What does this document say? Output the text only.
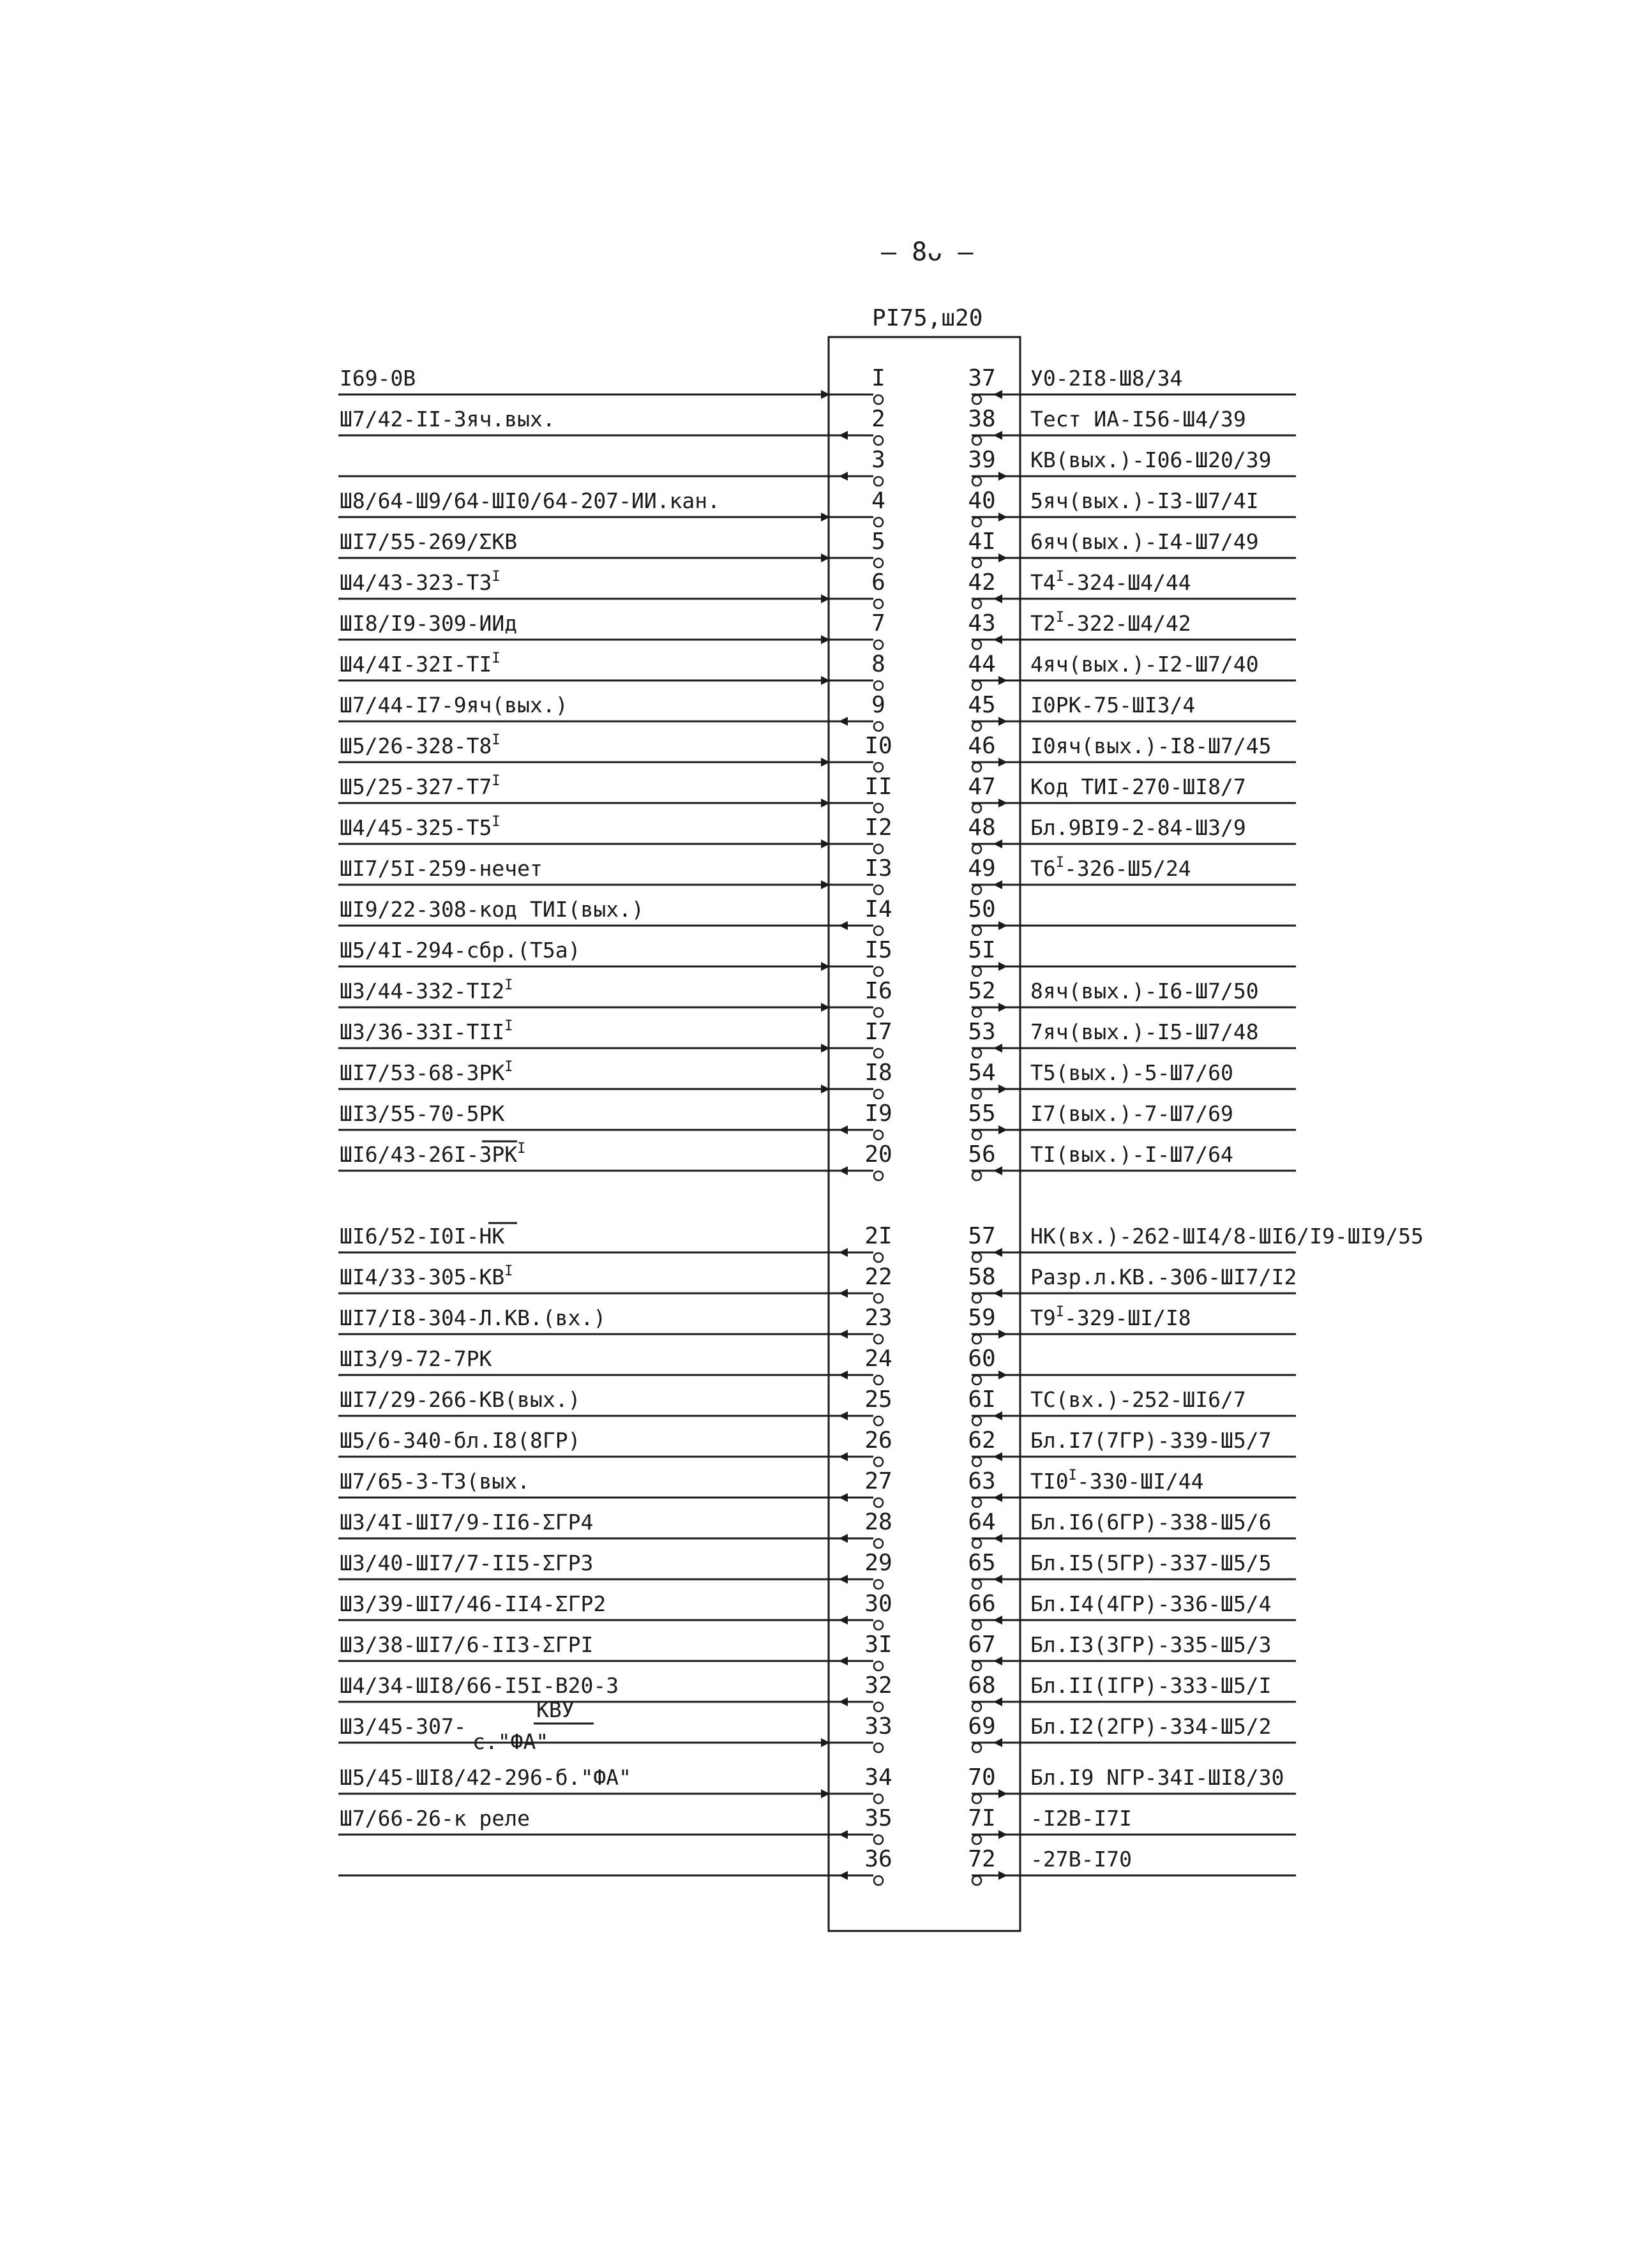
– 8ᴗ –
PI75,ш20
I
I69-0В
2
Ш7/42-II-3яч.вых.
3
4
Ш8/64-Ш9/64-ШI0/64-207-ИИ.кан.
5
ШI7/55-269/ΣКВ
6
$Ш4/43-323-Т3^I$
7
ШI8/I9-309-ИИд
8
$Ш4/4I-32I-ТI^I$
9
Ш7/44-I7-9яч(вых.)
I0
$Ш5/26-328-Т8^I$
II
$Ш5/25-327-Т7^I$
I2
$Ш4/45-325-Т5^I$
I3
ШI7/5I-259-нечет
I4
ШI9/22-308-код ТИI(вых.)
I5
Ш5/4I-294-сбр.(Т5а)
I6
$Ш3/44-332-ТI2^I$
I7
$Ш3/36-33I-ТII^I$
I8
$ШI7/53-68-3РК^I$
I9
ШI3/55-70-5РК
20
$ШI6/43-26I-3РК^I$
2I
ШI6/52-I0I-НК
22
$ШI4/33-305-КВ^I$
23
ШI7/I8-304-Л.КВ.(вх.)
24
ШI3/9-72-7РК
25
ШI7/29-266-КВ(вых.)
26
Ш5/6-340-бл.I8(8ГР)
27
Ш7/65-3-Т3(вых.
28
Ш3/4I-ШI7/9-II6-ΣГР4
29
Ш3/40-ШI7/7-II5-ΣГР3
30
Ш3/39-ШI7/46-II4-ΣГР2
3I
Ш3/38-ШI7/6-II3-ΣГРI
32
Ш4/34-ШI8/66-I5I-В20-3
33
Ш3/45-307-
КВУ
с."ФА"
34
Ш5/45-ШI8/42-296-б."ФА"
35
Ш7/66-26-к реле
36
37 У0-2I8-Ш8/34
38 Тест ИА-I56-Ш4/39
39 КВ(вых.)-I06-Ш20/39
40 5яч(вых.)-I3-Ш7/4I
4I 6яч(вых.)-I4-Ш7/49
42 $Т4^I-324-Ш4/44$
43 $Т2^I-322-Ш4/42$
44 4яч(вых.)-I2-Ш7/40
45 I0РК-75-ШI3/4
46 I0яч(вых.)-I8-Ш7/45
47 Код ТИI-270-ШI8/7
48 Бл.9BI9-2-84-Ш3/9
49 $Т6^I-326-Ш5/24$
50
5I
52 8яч(вых.)-I6-Ш7/50
53 7яч(вых.)-I5-Ш7/48
54 Т5(вых.)-5-Ш7/60
55 I7(вых.)-7-Ш7/69
56 ТI(вых.)-I-Ш7/64
57 НК(вх.)-262-ШI4/8-ШI6/I9-ШI9/55
58 Разр.л.КВ.-306-ШI7/I2
59 $Т9^I-329-ШI/I8$
60
6I ТС(вх.)-252-ШI6/7
62 Бл.I7(7ГР)-339-Ш5/7
63 $ТI0^I-330-ШI/44$
64 Бл.I6(6ГР)-338-Ш5/6
65 Бл.I5(5ГР)-337-Ш5/5
66 Бл.I4(4ГР)-336-Ш5/4
67 Бл.I3(3ГР)-335-Ш5/3
68 Бл.II(IГР)-333-Ш5/I
69 Бл.I2(2ГР)-334-Ш5/2
70 Бл.I9 NГР-34I-ШI8/30
7I -I2В-I7I
72 -27В-I70
